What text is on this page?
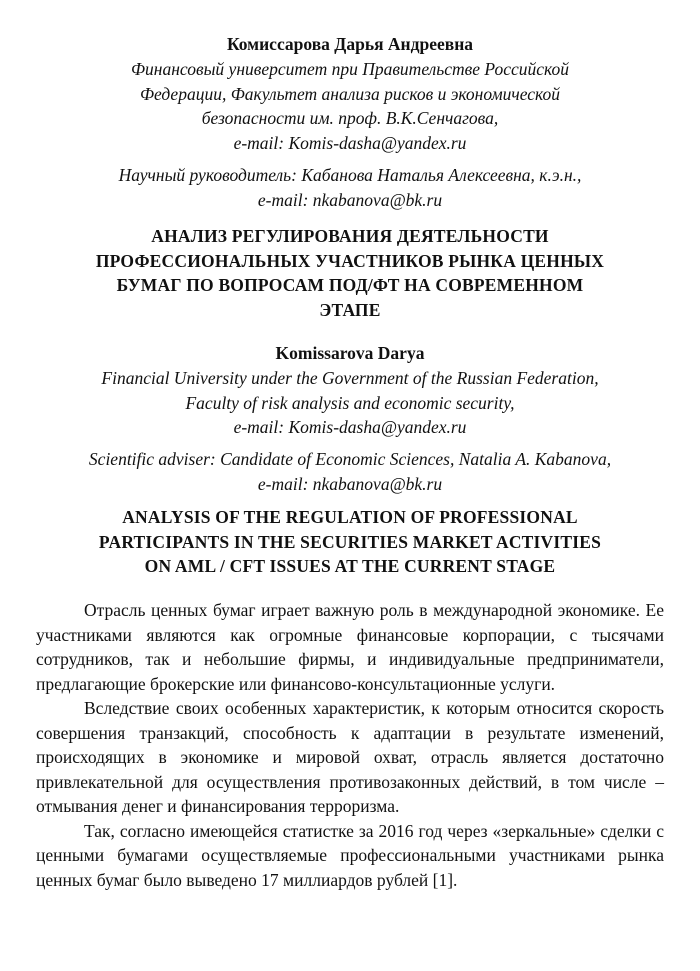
Комиссарова Дарья Андреевна
Финансовый университет при Правительстве Российской
Федерации, Факультет анализа рисков и экономической
безопасности им. проф. В.К.Сенчагова,
e-mail: Komis-dasha@yandex.ru
Научный руководитель: Кабанова Наталья Алексеевна, к.э.н.,
e-mail: nkabanova@bk.ru
АНАЛИЗ РЕГУЛИРОВАНИЯ ДЕЯТЕЛЬНОСТИ
ПРОФЕССИОНАЛЬНЫХ УЧАСТНИКОВ РЫНКА ЦЕННЫХ
БУМАГ ПО ВОПРОСАМ ПОД/ФТ НА СОВРЕМЕННОМ
ЭТАПЕ
Komissarova Darya
Financial University under the Government of the Russian Federation,
Faculty of risk analysis and economic security,
e-mail: Komis-dasha@yandex.ru
Scientific adviser: Candidate of Economic Sciences, Natalia A. Kabanova,
e-mail: nkabanova@bk.ru
ANALYSIS OF THE REGULATION OF PROFESSIONAL
PARTICIPANTS IN THE SECURITIES MARKET ACTIVITIES
ON AML / CFT ISSUES AT THE CURRENT STAGE

Отрасль ценных бумаг играет важную роль в международной экономике. Ее участниками являются как огромные финансовые корпорации, с тысячами сотрудников, так и небольшие фирмы, и индивидуальные предприниматели, предлагающие брокерские или финансово-консультационные услуги.

Вследствие своих особенных характеристик, к которым относится скорость совершения транзакций, способность к адаптации в результате изменений, происходящих в экономике и мировой охват, отрасль является достаточно привлекательной для осуществления противозаконных действий, в том числе – отмывания денег и финансирования терроризма.

Так, согласно имеющейся статистке за 2016 год через «зеркальные» сделки с ценными бумагами осуществляемые профессиональными участниками рынка ценных бумаг было выведено 17 миллиардов рублей [1].
